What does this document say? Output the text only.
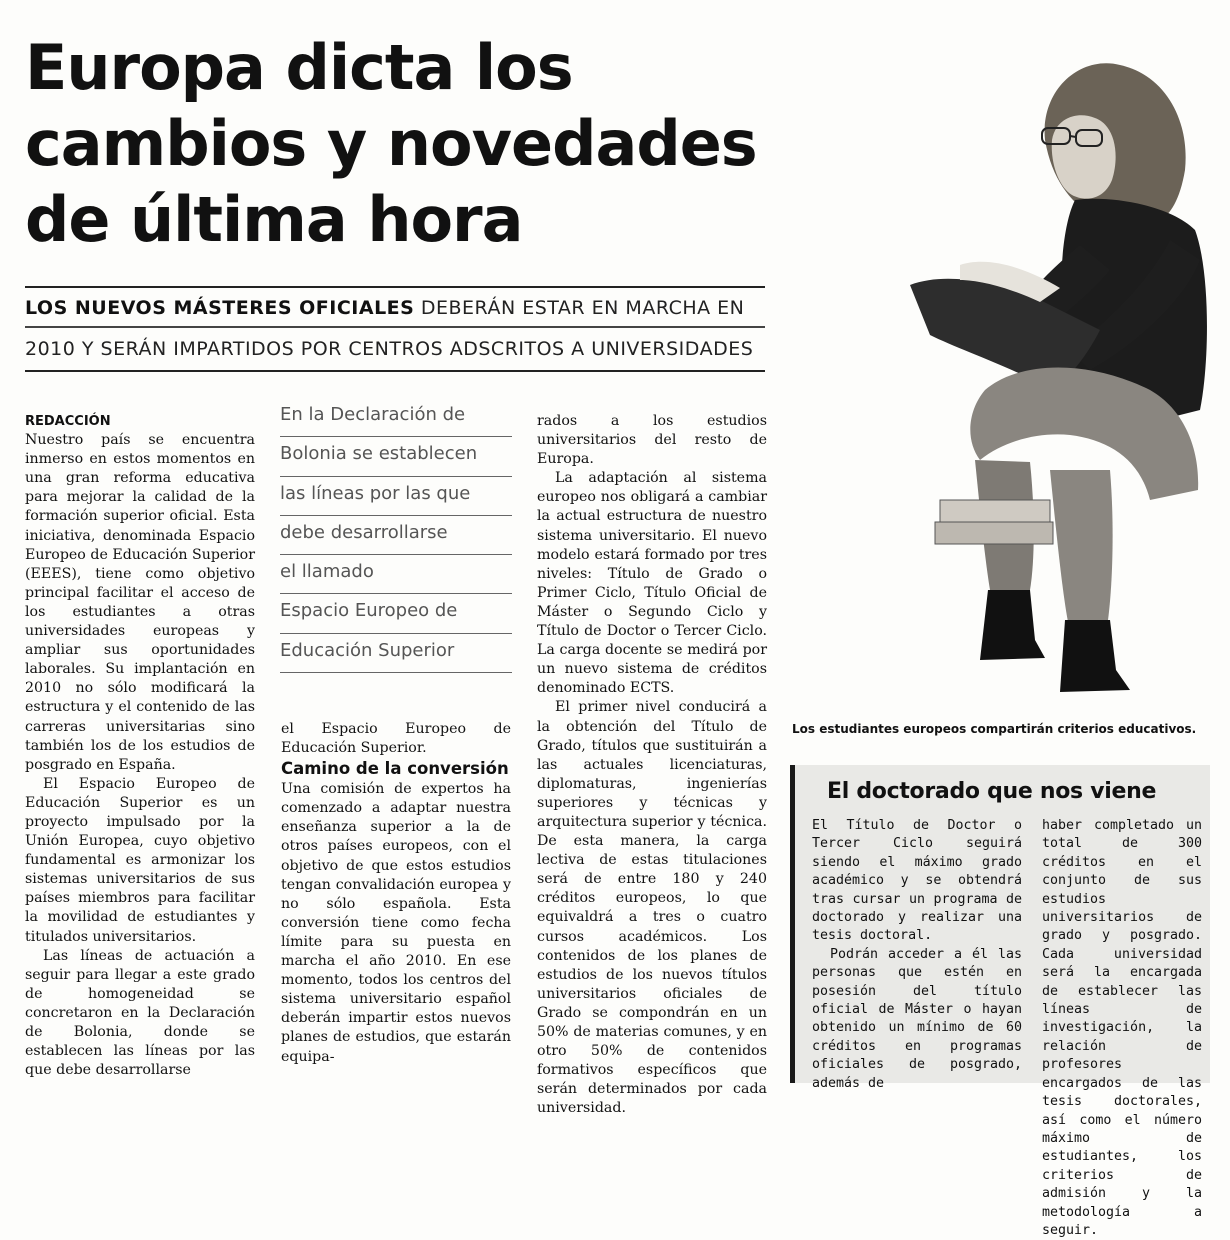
Europa dicta los
cambios y novedades
de última hora
LOS NUEVOS MÁSTERES OFICIALES DEBERÁN ESTAR EN MARCHA EN
2010 Y SERÁN IMPARTIDOS POR CENTROS ADSCRITOS A UNIVERSIDADES

REDACCIÓN

Nuestro país se encuentra inmerso en estos momentos en una gran reforma educativa para mejorar la calidad de la formación superior oficial. Esta iniciativa, denominada Espacio Europeo de Educación Superior (EEES), tiene como objetivo principal facilitar el acceso de los estudiantes a otras universidades europeas y ampliar sus oportunidades laborales. Su implantación en 2010 no sólo modificará la estructura y el contenido de las carreras universitarias sino también los de los estudios de posgrado en España.

El Espacio Europeo de Educación Superior es un proyecto impulsado por la Unión Europea, cuyo objetivo fundamental es armonizar los sistemas universitarios de sus países miembros para facilitar la movilidad de estudiantes y titulados universitarios.

Las líneas de actuación a seguir para llegar a este grado de homogeneidad se concretaron en la Declaración de Bolonia, donde se establecen las líneas por las que debe desarrollarse

En la Declaración de
Bolonia se establecen
las líneas por las que
debe desarrollarse
el llamado
Espacio Europeo de
Educación Superior

el Espacio Europeo de Educación Superior.

Camino de la conversión

Una comisión de expertos ha comenzado a adaptar nuestra enseñanza superior a la de otros países europeos, con el objetivo de que estos estudios tengan convalidación europea y no sólo española. Esta conversión tiene como fecha límite para su puesta en marcha el año 2010. En ese momento, todos los centros del sistema universitario español deberán impartir estos nuevos planes de estudios, que estarán equipa-

rados a los estudios universitarios del resto de Europa.

La adaptación al sistema europeo nos obligará a cambiar la actual estructura de nuestro sistema universitario. El nuevo modelo estará formado por tres niveles: Título de Grado o Primer Ciclo, Título Oficial de Máster o Segundo Ciclo y Título de Doctor o Tercer Ciclo. La carga docente se medirá por un nuevo sistema de créditos denominado ECTS.

El primer nivel conducirá a la obtención del Título de Grado, títulos que sustituirán a las actuales licenciaturas, diplomaturas, ingenierías superiores y técnicas y arquitectura superior y técnica. De esta manera, la carga lectiva de estas titulaciones será de entre 180 y 240 créditos europeos, lo que equivaldrá a tres o cuatro cursos académicos. Los contenidos de los planes de estudios de los nuevos títulos universitarios oficiales de Grado se compondrán en un 50% de materias comunes, y en otro 50% de contenidos formativos específicos que serán determinados por cada universidad.

Los estudiantes europeos compartirán criterios educativos.
El doctorado que nos viene

El Título de Doctor o Tercer Ciclo seguirá siendo el máximo grado académico y se obtendrá tras cursar un programa de doctorado y realizar una tesis doctoral.

Podrán acceder a él las personas que estén en posesión del título oficial de Máster o hayan obtenido un mínimo de 60 créditos en programas oficiales de posgrado, además de

haber completado un total de 300 créditos en el conjunto de sus estudios universitarios de grado y posgrado. Cada universidad será la encargada de establecer las líneas de investigación, la relación de profesores encargados de las tesis doctorales, así como el número máximo de estudiantes, los criterios de admisión y la metodología a seguir.
